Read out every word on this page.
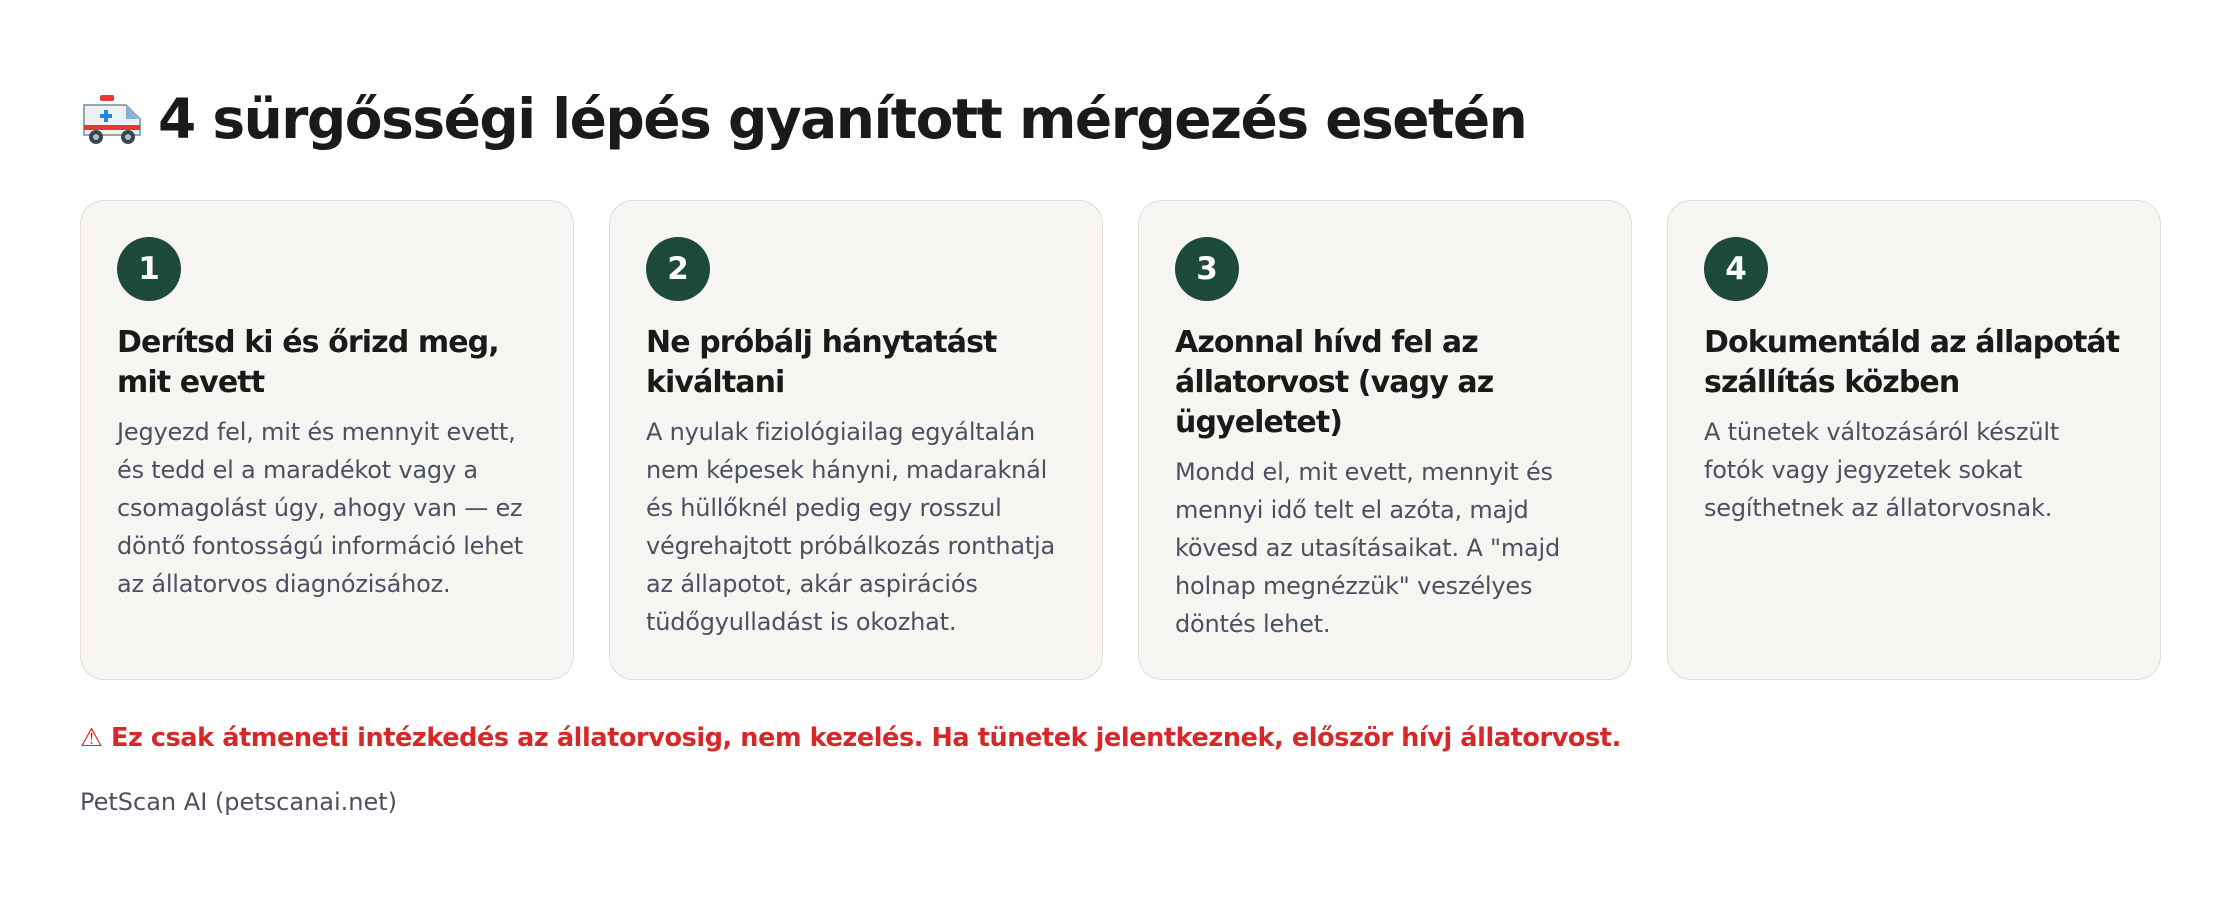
4 sürgősségi lépés gyanított mérgezés esetén
1
Derítsd ki és őrizd meg, mit evett
Jegyezd fel, mit és mennyit evett, és tedd el a maradékot vagy a csomagolást úgy, ahogy van — ez döntő fontosságú információ lehet az állatorvos diagnózisához.
2
Ne próbálj hánytatást kiváltani
A nyulak fiziológiailag egyáltalán nem képesek hányni, madaraknál és hüllőknél pedig egy rosszul végrehajtott próbálkozás ronthatja az állapotot, akár aspirációs tüdőgyulladást is okozhat.
3
Azonnal hívd fel az állatorvost (vagy az ügyeletet)
Mondd el, mit evett, mennyit és mennyi idő telt el azóta, majd kövesd az utasításaikat. A "majd holnap megnézzük" veszélyes döntés lehet.
4
Dokumentáld az állapotát szállítás közben
A tünetek változásáról készült fotók vagy jegyzetek sokat segíthetnek az állatorvosnak.
⚠ Ez csak átmeneti intézkedés az állatorvosig, nem kezelés. Ha tünetek jelentkeznek, először hívj állatorvost.
PetScan AI (petscanai.net)
